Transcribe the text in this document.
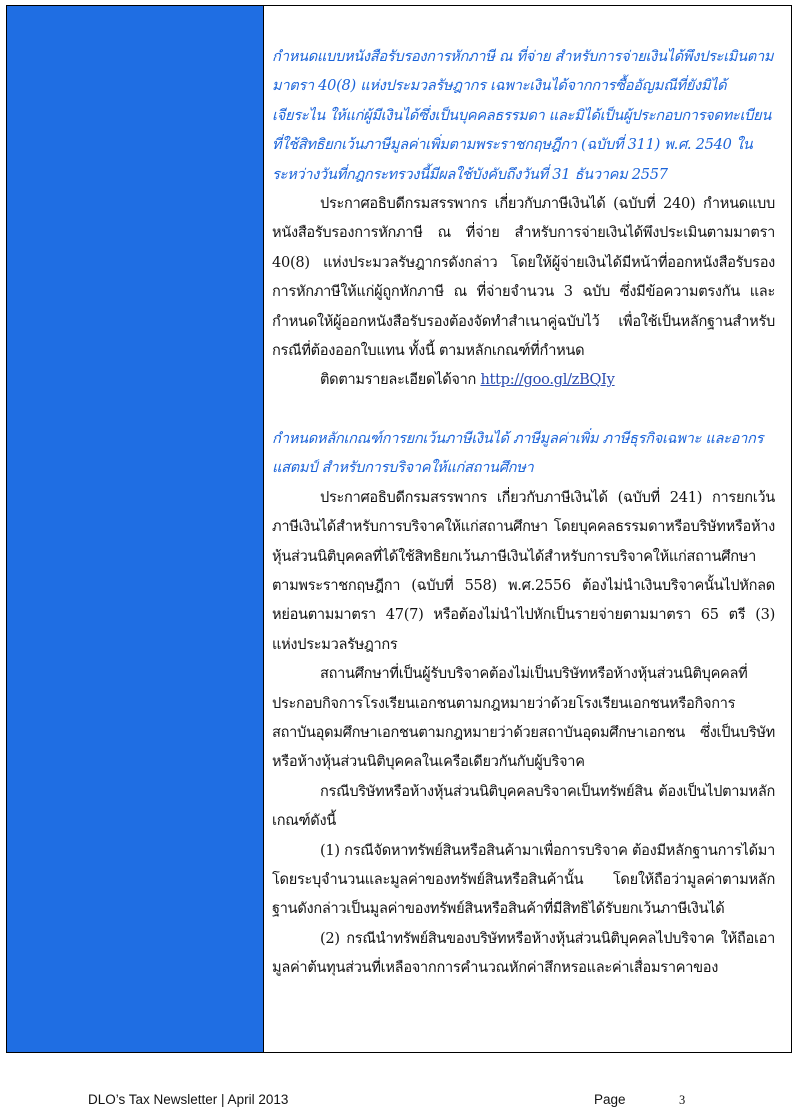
กำหนดแบบหนังสือรับรองการหักภาษี ณ ที่จ่าย สำหรับการจ่ายเงินได้พึงประเมินตามมาตรา 40(8) แห่งประมวลรัษฎากร เฉพาะเงินได้จากการซื้ออัญมณีที่ยังมิได้เจียระไน ให้แก่ผู้มีเงินได้ซึ่งเป็นบุคคลธรรมดา และมิได้เป็นผู้ประกอบการจดทะเบียนที่ใช้สิทธิยกเว้นภาษีมูลค่าเพิ่มตามพระราชกฤษฎีกา (ฉบับที่ 311) พ.ศ. 2540 ในระหว่างวันที่กฎกระทรวงนี้มีผลใช้บังคับถึงวันที่ 31 ธันวาคม 2557

ประกาศอธิบดีกรมสรรพากร เกี่ยวกับภาษีเงินได้ (ฉบับที่ 240) กำหนดแบบหนังสือรับรองการหักภาษี ณ ที่จ่าย สำหรับการจ่ายเงินได้พึงประเมินตามมาตรา 40(8) แห่งประมวลรัษฎากรดังกล่าว โดยให้ผู้จ่ายเงินได้มีหน้าที่ออกหนังสือรับรองการหักภาษีให้แก่ผู้ถูกหักภาษี ณ ที่จ่ายจำนวน 3 ฉบับ ซึ่งมีข้อความตรงกัน และกำหนดให้ผู้ออกหนังสือรับรองต้องจัดทำสำเนาคู่ฉบับไว้ เพื่อใช้เป็นหลักฐานสำหรับกรณีที่ต้องออกใบแทน ทั้งนี้ ตามหลักเกณฑ์ที่กำหนด

ติดตามรายละเอียดได้จาก http://goo.gl/zBQIy

กำหนดหลักเกณฑ์การยกเว้นภาษีเงินได้ ภาษีมูลค่าเพิ่ม ภาษีธุรกิจเฉพาะ และอากรแสตมป์ สำหรับการบริจาคให้แก่สถานศึกษา

ประกาศอธิบดีกรมสรรพากร เกี่ยวกับภาษีเงินได้ (ฉบับที่ 241) การยกเว้นภาษีเงินได้สำหรับการบริจาคให้แก่สถานศึกษา โดยบุคคลธรรมดาหรือบริษัทหรือห้างหุ้นส่วนนิติบุคคลที่ได้ใช้สิทธิยกเว้นภาษีเงินได้สำหรับการบริจาคให้แก่สถานศึกษาตามพระราชกฤษฎีกา (ฉบับที่ 558) พ.ศ.2556 ต้องไม่นำเงินบริจาคนั้นไปหักลดหย่อนตามมาตรา 47(7) หรือต้องไม่นำไปหักเป็นรายจ่ายตามมาตรา 65 ตรี (3) แห่งประมวลรัษฎากร

สถานศึกษาที่เป็นผู้รับบริจาคต้องไม่เป็นบริษัทหรือห้างหุ้นส่วนนิติบุคคลที่ประกอบกิจการโรงเรียนเอกชนตามกฎหมายว่าด้วยโรงเรียนเอกชนหรือกิจการสถาบันอุดมศึกษาเอกชนตามกฎหมายว่าด้วยสถาบันอุดมศึกษาเอกชน ซึ่งเป็นบริษัทหรือห้างหุ้นส่วนนิติบุคคลในเครือเดียวกันกับผู้บริจาค

กรณีบริษัทหรือห้างหุ้นส่วนนิติบุคคลบริจาคเป็นทรัพย์สิน ต้องเป็นไปตามหลักเกณฑ์ดังนี้

(1) กรณีจัดหาทรัพย์สินหรือสินค้ามาเพื่อการบริจาค ต้องมีหลักฐานการได้มา โดยระบุจำนวนและมูลค่าของทรัพย์สินหรือสินค้านั้น โดยให้ถือว่ามูลค่าตามหลักฐานดังกล่าวเป็นมูลค่าของทรัพย์สินหรือสินค้าที่มีสิทธิได้รับยกเว้นภาษีเงินได้

(2) กรณีนำทรัพย์สินของบริษัทหรือห้างหุ้นส่วนนิติบุคคลไปบริจาค ให้ถือเอามูลค่าต้นทุนส่วนที่เหลือจากการคำนวณหักค่าสึกหรอและค่าเสื่อมราคาของ

DLO’s Tax Newsletter | April 2013	Page	3
